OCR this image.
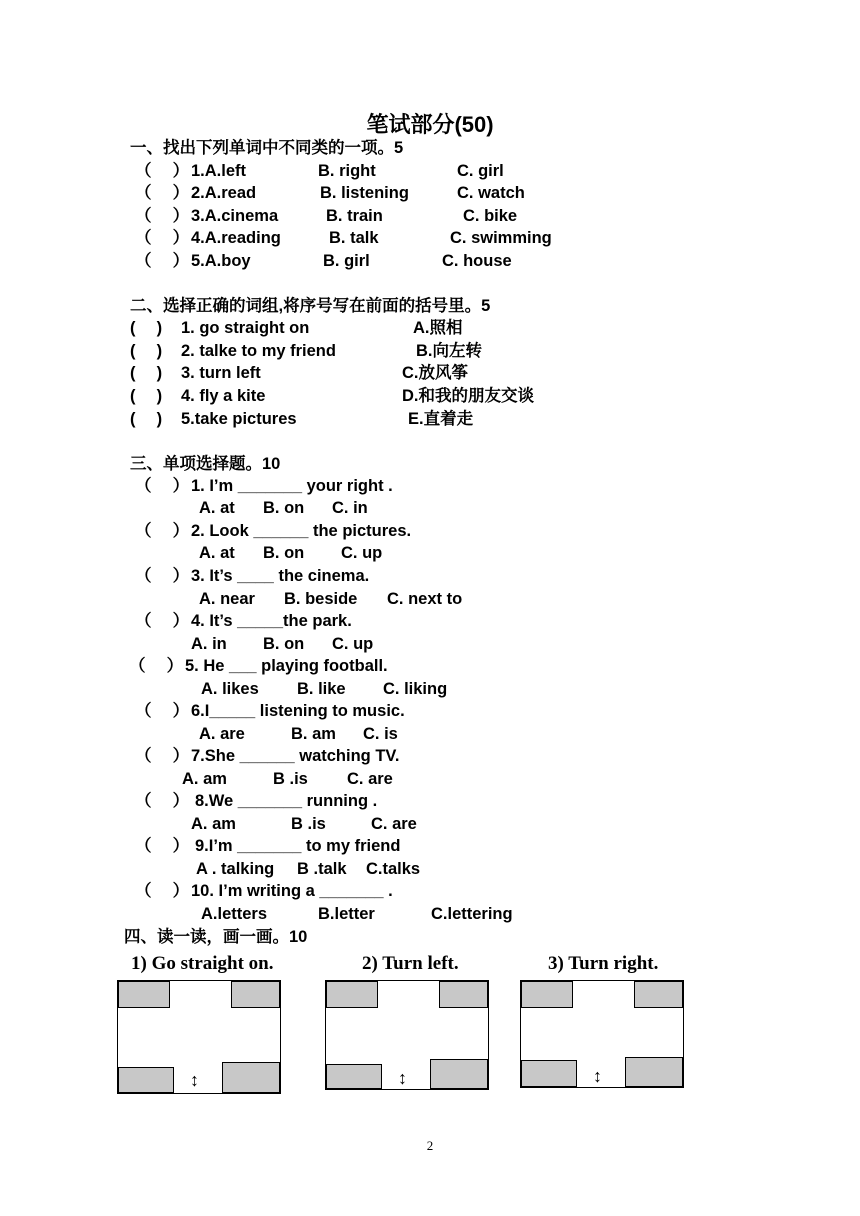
笔试部分(50)
一、找出下列单词中不同类的一项。5
（　 ） 1.A.left	B. right	C. girl
（　 ） 2.A.read	B. listening	C. watch
（　 ） 3.A.cinema	B. train	C. bike
（　 ） 4.A.reading	B. talk	C. swimming
（　 ） 5.A.boy	B. girl	C. house
二、选择正确的词组,将序号写在前面的括号里。5
(　 ) 1. go straight on	A.照相
(　 ) 2. talke to my friend	B.向左转
(　 ) 3. turn left	C.放风筝
(　 ) 4. fly a kite	D.和我的朋友交谈
(　 ) 5.take pictures	E.直着走
三、单项选择题。10
（　 ） 1. I’m _______ your right .
A. at B. on C. in
（　 ） 2. Look ______ the pictures.
A. at B. on C. up
（　 ） 3. It’s ____ the cinema.
A. near B. beside C. next to
（　 ） 4. It’s _____the park.
A. in B. on C. up
（　 ） 5. He ___ playing football.
A. likes B. like C. liking
（　 ） 6.I_____ listening to music.
A. are	B. am C. is
（　 ） 7.She ______ watching TV.
A. am	B .is C. are
（　 ） 8.We _______ running .
A. am	B .is	C. are
（　 ） 9.I’m _______ to my friend
A . talking B .talk C.talks
（　 ） 10. I’m writing a _______ .
A.letters	B.letter	C.lettering
四、读一读，画一画。10
1) Go straight on.	2) Turn left.	3) Turn right.
↕	↕	↕
2
